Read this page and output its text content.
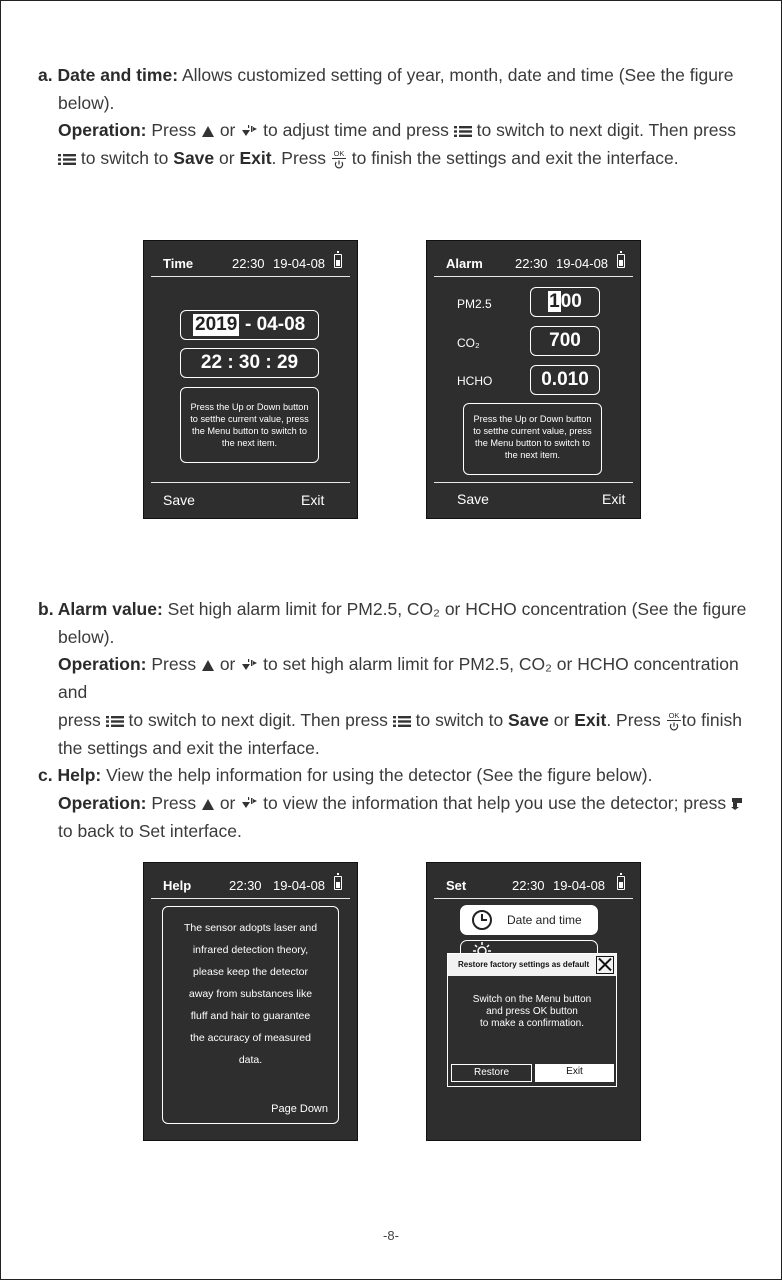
a. Date and time: Allows customized setting of year, month, date and time (See the figure
below).
Operation: Press  or  to adjust time and press  to switch to next digit. Then press
to switch to Save or Exit. Press OK to finish the settings and exit the interface.
Time	22:30 19-04-08
2019 - 04-08
22 : 30 : 29
Press the Up or Down button
to setthe current value, press
the Menu button to switch to
the next item.
Save	Exit
Alarm 22:30 19-04-08
PM2.5	100
CO₂	700
HCHO	0.010
Press the Up or Down button
to setthe current value, press
the Menu button to switch to
the next item.
Save	Exit
b. Alarm value: Set high alarm limit for PM2.5, CO₂ or HCHO concentration (See the figure
below).
Operation: Press  or  to set high alarm limit for PM2.5, CO₂ or HCHO concentration and
press  to switch to next digit. Then press  to switch to Save or Exit. Press OK to finish
the settings and exit the interface.
c. Help: View the help information for using the detector (See the figure below).
Operation: Press  or  to view the information that help you use the detector; press
to back to Set interface.
Help	22:30 19-04-08
The sensor adopts laser and
infrared detection theory,
please keep the detector
away from substances like
fluff and hair to guarantee
the accuracy of measured
data.
Page Down
Set	22:30 19-04-08
Date and time
Restore factory settings as default
Switch on the Menu button
and press OK button
to make a confirmation.
Restore	Exit
-8-
